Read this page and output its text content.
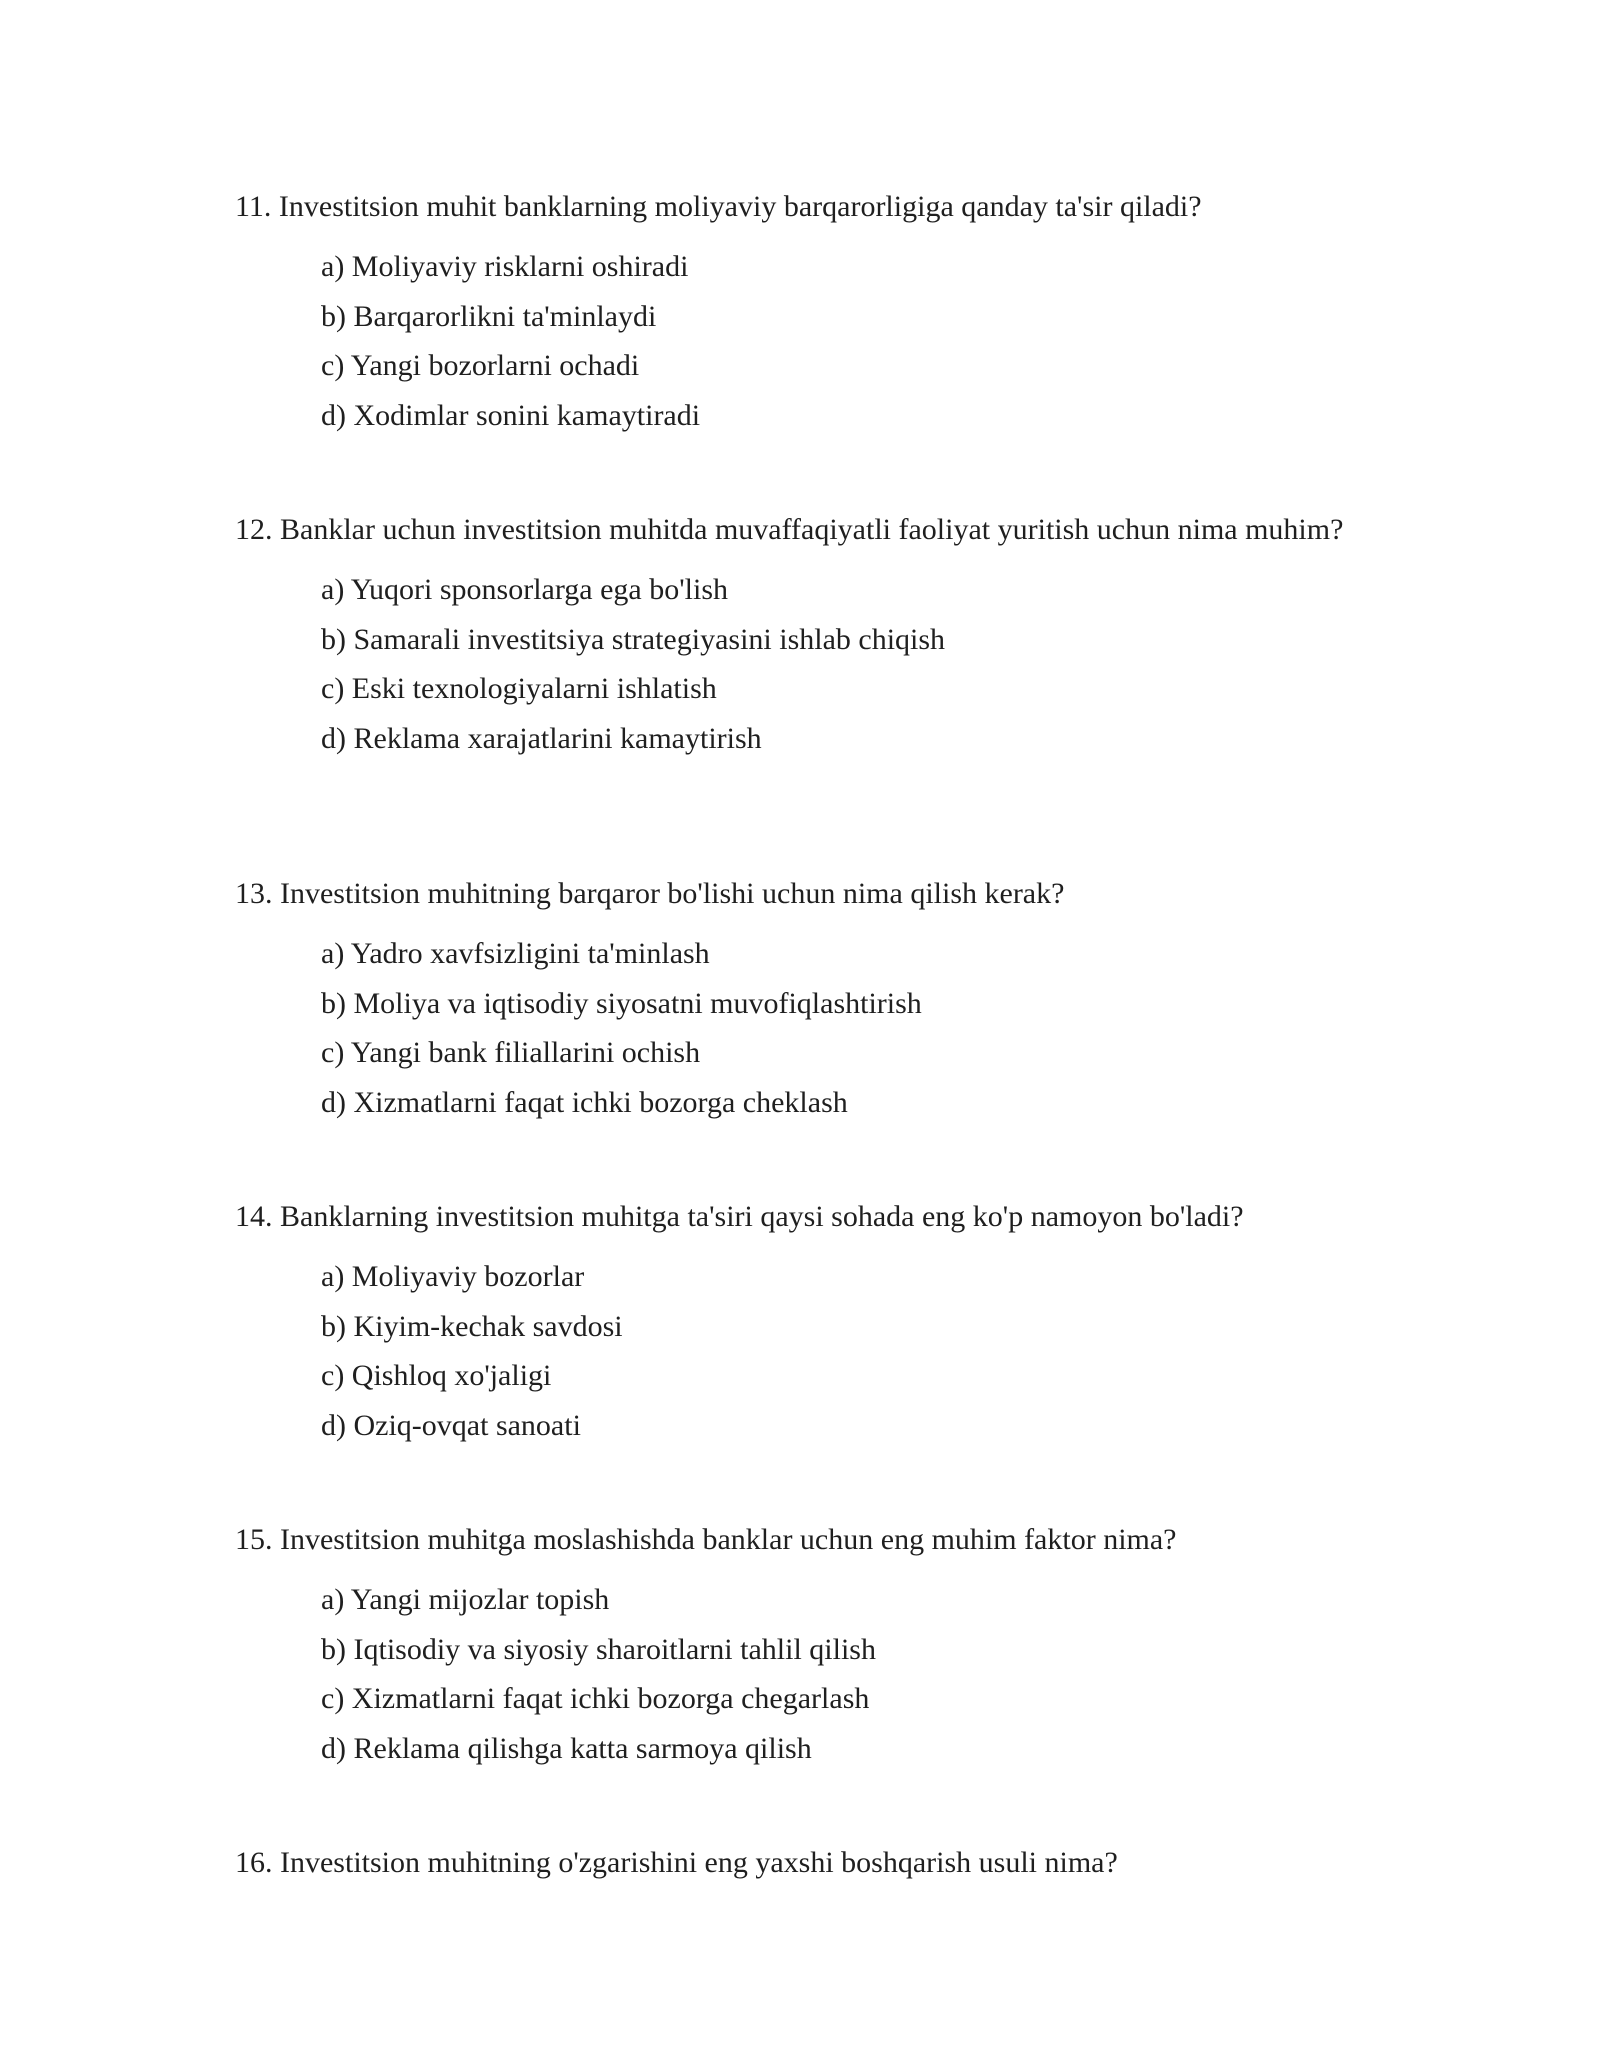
11. Investitsion muhit banklarning moliyaviy barqarorligiga qanday ta'sir qiladi?

a) Moliyaviy risklarni oshiradi
b) Barqarorlikni ta'minlaydi
c) Yangi bozorlarni ochadi
d) Xodimlar sonini kamaytiradi

12. Banklar uchun investitsion muhitda muvaffaqiyatli faoliyat yuritish uchun nima muhim?

a) Yuqori sponsorlarga ega bo'lish
b) Samarali investitsiya strategiyasini ishlab chiqish
c) Eski texnologiyalarni ishlatish
d) Reklama xarajatlarini kamaytirish

13. Investitsion muhitning barqaror bo'lishi uchun nima qilish kerak?

a) Yadro xavfsizligini ta'minlash
b) Moliya va iqtisodiy siyosatni muvofiqlashtirish
c) Yangi bank filiallarini ochish
d) Xizmatlarni faqat ichki bozorga cheklash

14. Banklarning investitsion muhitga ta'siri qaysi sohada eng ko'p namoyon bo'ladi?

a) Moliyaviy bozorlar
b) Kiyim-kechak savdosi
c) Qishloq xo'jaligi
d) Oziq-ovqat sanoati

15. Investitsion muhitga moslashishda banklar uchun eng muhim faktor nima?

a) Yangi mijozlar topish
b) Iqtisodiy va siyosiy sharoitlarni tahlil qilish
c) Xizmatlarni faqat ichki bozorga chegarlash
d) Reklama qilishga katta sarmoya qilish

16. Investitsion muhitning o'zgarishini eng yaxshi boshqarish usuli nima?
